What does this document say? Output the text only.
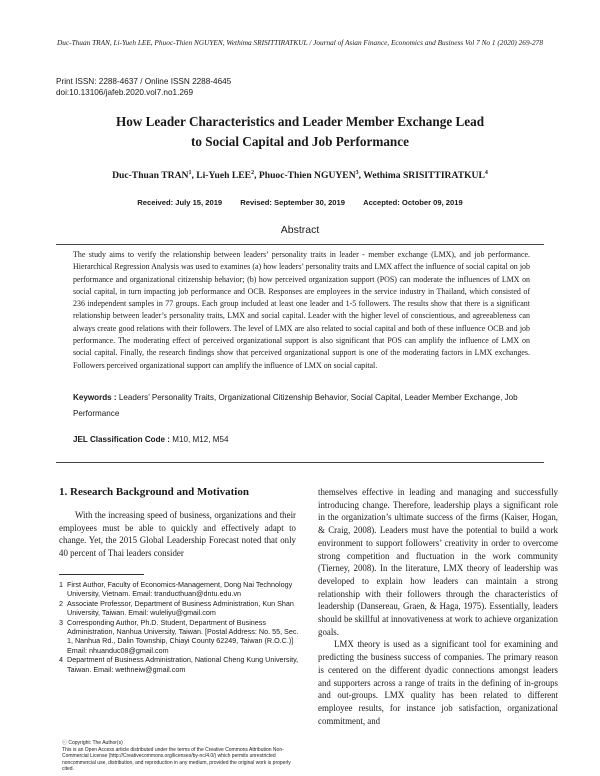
Duc-Thuan TRAN, Li-Yueh LEE, Phuoc-Thien NGUYEN, Wethima SRISITTIRATKUL / Journal of Asian Finance, Economics and Business Vol 7 No 1 (2020) 269-278
Print ISSN: 2288-4637 / Online ISSN 2288-4645
doi:10.13106/jafeb.2020.vol7.no1.269
How Leader Characteristics and Leader Member Exchange Lead
to Social Capital and Job Performance
Duc-Thuan TRAN$^1$, Li-Yueh LEE$^2$, Phuoc-Thien NGUYEN$^3$, Wethima SRISITTIRATKUL$^4$
Received: July 15, 2019 Revised: September 30, 2019 Accepted: October 09, 2019
Abstract
The study aims to verify the relationship between leaders’ personality traits in leader - member exchange (LMX), and job performance. Hierarchical Regression Analysis was used to examines (a) how leaders’ personality traits and LMX affect the influence of social capital on job performance and organizational citizenship behavior; (b) how perceived organization support (POS) can moderate the influences of LMX on social capital, in turn impacting job performance and OCB. Responses are employees in the service industry in Thailand, which consisted of 236 independent samples in 77 groups. Each group included at least one leader and 1-5 followers. The results show that there is a significant relationship between leader’s personality traits, LMX and social capital. Leader with the higher level of conscientious, and agreeableness can always create good relations with their followers. The level of LMX are also related to social capital and both of these influence OCB and job performance. The moderating effect of perceived organizational support is also significant that POS can amplify the influence of LMX on social capital. Finally, the research findings show that perceived organizational support is one of the moderating factors in LMX exchanges. Followers perceived organizational support can amplify the influence of LMX on social capital.
Keywords : Leaders’ Personality Traits, Organizational Citizenship Behavior, Social Capital, Leader Member Exchange, Job Performance
JEL Classification Code : M10, M12, M54
1. Research Background and Motivation

With the increasing speed of business, organizations and their employees must be able to quickly and effectively adapt to change. Yet, the 2015 Global Leadership Forecast noted that only 40 percent of Thai leaders consider

themselves effective in leading and managing and successfully introducing change. Therefore, leadership plays a significant role in the organization’s ultimate success of the firms (Kaiser, Hogan, & Craig, 2008). Leaders must have the potential to build a work environment to support followers’ creativity in order to overcome strong competition and fluctuation in the work community (Tierney, 2008). In the literature, LMX theory of leadership was developed to explain how leaders can maintain a strong relationship with their followers through the characteristics of leadership (Dansereau, Graen, & Haga, 1975). Essentially, leaders should be skillful at innovativeness at work to achieve organization goals.

LMX theory is used as a significant tool for examining and predicting the business success of companies. The primary reason is centered on the different dyadic connections amongst leaders and supporters across a range of traits in the defining of in-groups and out-groups. LMX quality has been related to different employee results, for instance job satisfaction, organizational commitment, and

1 First Author, Faculty of Economics-Management, Dong Nai Technology University, Vietnam. Email: tranducthuan@dntu.edu.vn
2 Associate Professor, Department of Business Administration, Kun Shan University, Taiwan. Email: wuleliyu@gmail.com
3 Corresponding Author, Ph.D. Student, Department of Business Administration, Nanhua University, Taiwan. [Postal Address: No. 55, Sec. 1, Nanhua Rd., Dalin Township, Chiayi County 62249, Taiwan (R.O.C.)] Email: nhuanduc08@gmail.com
4 Department of Business Administration, National Cheng Kung University, Taiwan. Email: wethneiw@gmail.com
ⓒ Copyright: The Author(s)
This is an Open Access article distributed under the terms of the Creative Commons Attribution Non-Commercial License (http://Creativecommons.org/licenses/by-nc/4.0/) which permits unrestricted noncommercial use, distribution, and reproduction in any medium, provided the original work is properly cited.
